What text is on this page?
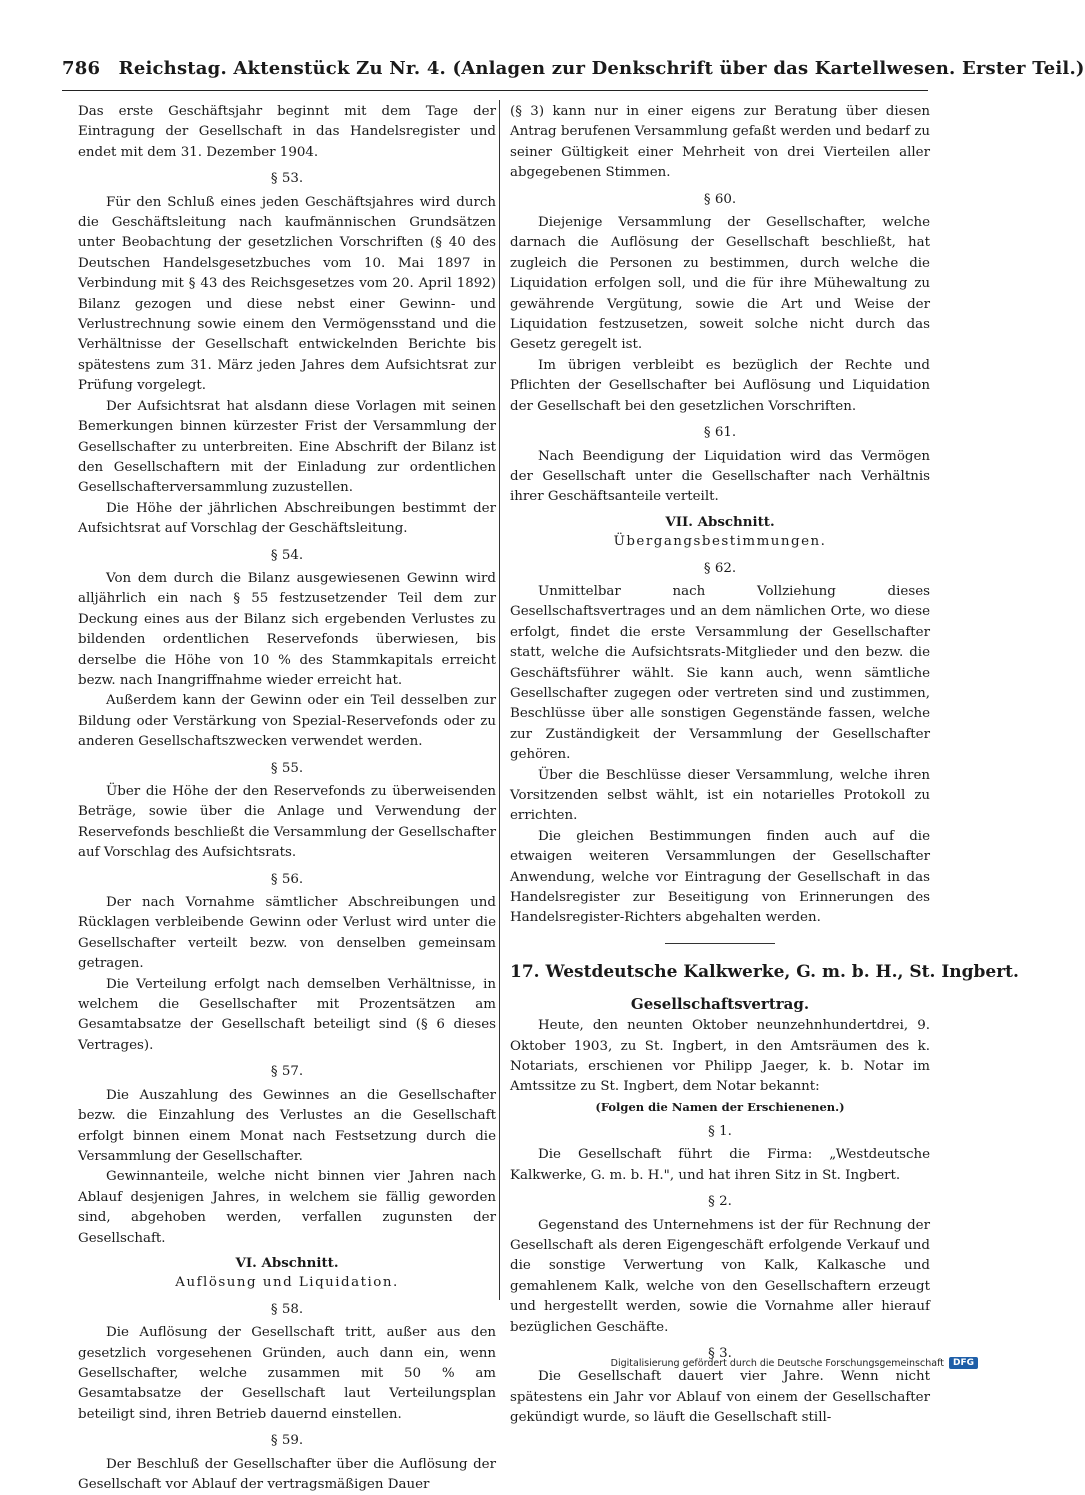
786 Reichstag. Aktenstück Zu Nr. 4. (Anlagen zur Denkschrift über das Kartellwesen. Erster Teil.)

Das erste Geschäftsjahr beginnt mit dem Tage der Eintragung der Gesellschaft in das Handelsregister und endet mit dem 31. Dezember 1904.

§ 53.

Für den Schluß eines jeden Geschäftsjahres wird durch die Geschäftsleitung nach kaufmännischen Grundsätzen unter Beobachtung der gesetzlichen Vorschriften (§ 40 des Deutschen Handelsgesetzbuches vom 10. Mai 1897 in Verbindung mit § 43 des Reichsgesetzes vom 20. April 1892) Bilanz gezogen und diese nebst einer Gewinn- und Verlustrechnung sowie einem den Vermögensstand und die Verhältnisse der Gesellschaft entwickelnden Berichte bis spätestens zum 31. März jeden Jahres dem Aufsichtsrat zur Prüfung vorgelegt.

Der Aufsichtsrat hat alsdann diese Vorlagen mit seinen Bemerkungen binnen kürzester Frist der Versammlung der Gesellschafter zu unterbreiten. Eine Abschrift der Bilanz ist den Gesellschaftern mit der Einladung zur ordentlichen Gesellschafterversammlung zuzustellen.

Die Höhe der jährlichen Abschreibungen bestimmt der Aufsichtsrat auf Vorschlag der Geschäftsleitung.

§ 54.

Von dem durch die Bilanz ausgewiesenen Gewinn wird alljährlich ein nach § 55 festzusetzender Teil dem zur Deckung eines aus der Bilanz sich ergebenden Verlustes zu bildenden ordentlichen Reservefonds überwiesen, bis derselbe die Höhe von 10 % des Stammkapitals erreicht bezw. nach Inangriffnahme wieder erreicht hat.

Außerdem kann der Gewinn oder ein Teil desselben zur Bildung oder Verstärkung von Spezial-Reservefonds oder zu anderen Gesellschaftszwecken verwendet werden.

§ 55.

Über die Höhe der den Reservefonds zu überweisenden Beträge, sowie über die Anlage und Verwendung der Reservefonds beschließt die Versammlung der Gesellschafter auf Vorschlag des Aufsichtsrats.

§ 56.

Der nach Vornahme sämtlicher Abschreibungen und Rücklagen verbleibende Gewinn oder Verlust wird unter die Gesellschafter verteilt bezw. von denselben gemeinsam getragen.

Die Verteilung erfolgt nach demselben Verhältnisse, in welchem die Gesellschafter mit Prozentsätzen am Gesamtabsatze der Gesellschaft beteiligt sind (§ 6 dieses Vertrages).

§ 57.

Die Auszahlung des Gewinnes an die Gesellschafter bezw. die Einzahlung des Verlustes an die Gesellschaft erfolgt binnen einem Monat nach Festsetzung durch die Versammlung der Gesellschafter.

Gewinnanteile, welche nicht binnen vier Jahren nach Ablauf desjenigen Jahres, in welchem sie fällig geworden sind, abgehoben werden, verfallen zugunsten der Gesellschaft.

VI. Abschnitt.
Auflösung und Liquidation.
§ 58.

Die Auflösung der Gesellschaft tritt, außer aus den gesetzlich vorgesehenen Gründen, auch dann ein, wenn Gesellschafter, welche zusammen mit 50 % am Gesamtabsatze der Gesellschaft laut Verteilungsplan beteiligt sind, ihren Betrieb dauernd einstellen.

§ 59.

Der Beschluß der Gesellschafter über die Auflösung der Gesellschaft vor Ablauf der vertragsmäßigen Dauer

(§ 3) kann nur in einer eigens zur Beratung über diesen Antrag berufenen Versammlung gefaßt werden und bedarf zu seiner Gültigkeit einer Mehrheit von drei Vierteilen aller abgegebenen Stimmen.

§ 60.

Diejenige Versammlung der Gesellschafter, welche darnach die Auflösung der Gesellschaft beschließt, hat zugleich die Personen zu bestimmen, durch welche die Liquidation erfolgen soll, und die für ihre Mühewaltung zu gewährende Vergütung, sowie die Art und Weise der Liquidation festzusetzen, soweit solche nicht durch das Gesetz geregelt ist.

Im übrigen verbleibt es bezüglich der Rechte und Pflichten der Gesellschafter bei Auflösung und Liquidation der Gesellschaft bei den gesetzlichen Vorschriften.

§ 61.

Nach Beendigung der Liquidation wird das Vermögen der Gesellschaft unter die Gesellschafter nach Verhältnis ihrer Geschäftsanteile verteilt.

VII. Abschnitt.
Übergangsbestimmungen.
§ 62.

Unmittelbar nach Vollziehung dieses Gesellschaftsvertrages und an dem nämlichen Orte, wo diese erfolgt, findet die erste Versammlung der Gesellschafter statt, welche die Aufsichtsrats-Mitglieder und den bezw. die Geschäftsführer wählt. Sie kann auch, wenn sämtliche Gesellschafter zugegen oder vertreten sind und zustimmen, Beschlüsse über alle sonstigen Gegenstände fassen, welche zur Zuständigkeit der Versammlung der Gesellschafter gehören.

Über die Beschlüsse dieser Versammlung, welche ihren Vorsitzenden selbst wählt, ist ein notarielles Protokoll zu errichten.

Die gleichen Bestimmungen finden auch auf die etwaigen weiteren Versammlungen der Gesellschafter Anwendung, welche vor Eintragung der Gesellschaft in das Handelsregister zur Beseitigung von Erinnerungen des Handelsregister-Richters abgehalten werden.

17. Westdeutsche Kalkwerke, G. m. b. H., St. Ingbert.
Gesellschaftsvertrag.

Heute, den neunten Oktober neunzehnhundertdrei, 9. Oktober 1903, zu St. Ingbert, in den Amtsräumen des k. Notariats, erschienen vor Philipp Jaeger, k. b. Notar im Amtssitze zu St. Ingbert, dem Notar bekannt:

(Folgen die Namen der Erschienenen.)
§ 1.

Die Gesellschaft führt die Firma: „Westdeutsche Kalkwerke, G. m. b. H.", und hat ihren Sitz in St. Ingbert.

§ 2.

Gegenstand des Unternehmens ist der für Rechnung der Gesellschaft als deren Eigengeschäft erfolgende Verkauf und die sonstige Verwertung von Kalk, Kalkasche und gemahlenem Kalk, welche von den Gesellschaftern erzeugt und hergestellt werden, sowie die Vornahme aller hierauf bezüglichen Geschäfte.

§ 3.

Die Gesellschaft dauert vier Jahre. Wenn nicht spätestens ein Jahr vor Ablauf von einem der Gesellschafter gekündigt wurde, so läuft die Gesellschaft still-

Digitalisierung gefördert durch die Deutsche Forschungsgemeinschaft	DFG
